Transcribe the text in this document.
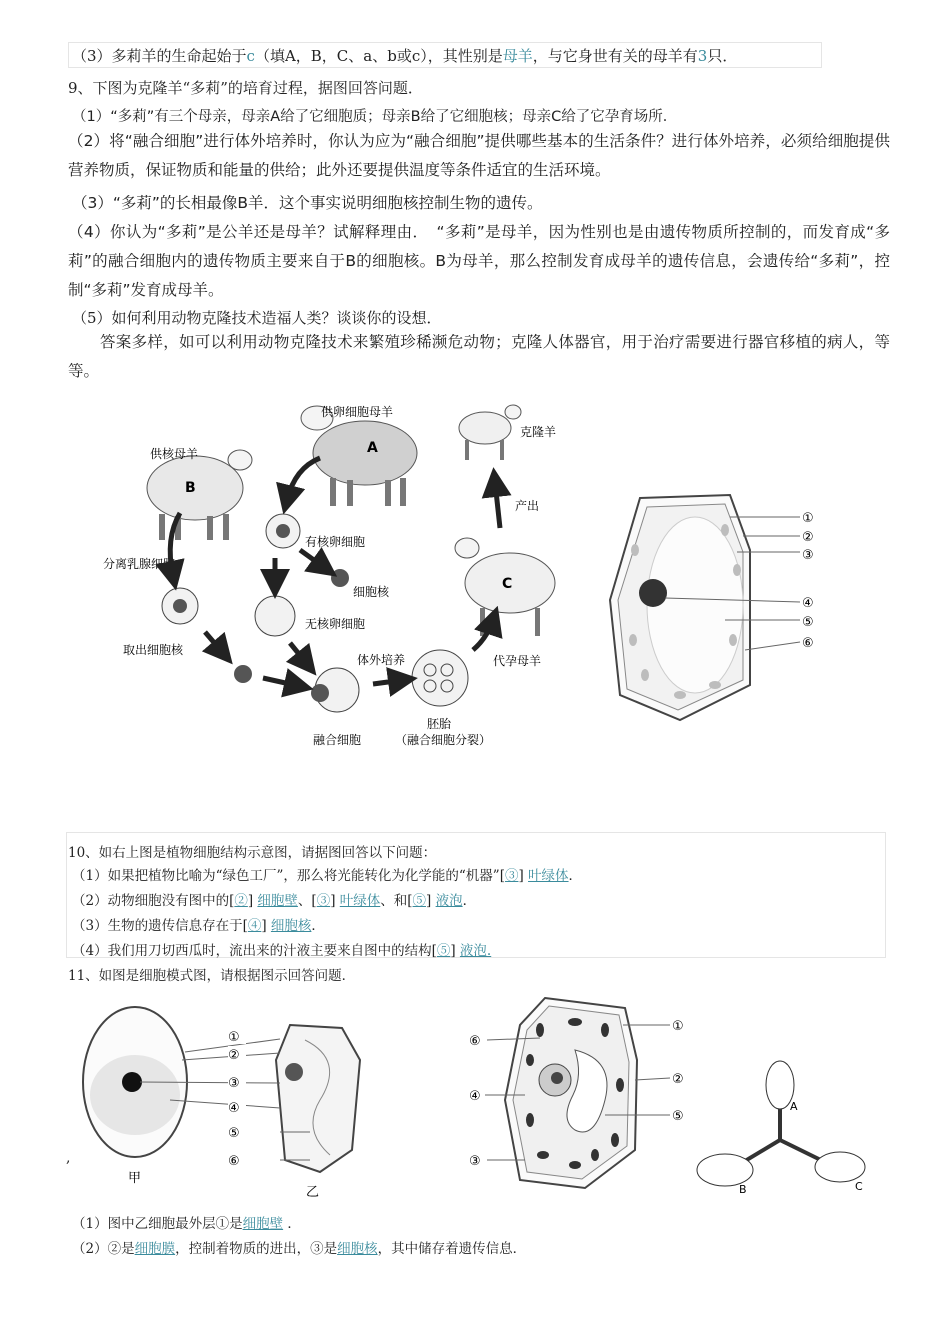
（3）多莉羊的生命起始于c（填A，B，C、a、b或c），其性别是母羊，与它身世有关的母羊有3只．
9、下图为克隆羊“多莉”的培育过程，据图回答问题．
（1）“多莉”有三个母亲，母亲A给了它细胞质；母亲B给了它细胞核；母亲C给了它孕育场所．
（2）将“融合细胞”进行体外培养时，你认为应为“融合细胞”提供哪些基本的生活条件？进行体外培养，必须给细胞提供营养物质，保证物质和能量的供给；此外还要提供温度等条件适宜的生活环境。
（3）“多莉”的长相最像B羊．这个事实说明细胞核控制生物的遗传。
（4）你认为“多莉”是公羊还是母羊？试解释理由．　“多莉”是母羊，因为性别也是由遗传物质所控制的，而发育成“多莉”的融合细胞内的遗传物质主要来自于B的细胞核。B为母羊，那么控制发育成母羊的遗传信息，会遗传给“多莉”，控制“多莉”发育成母羊。
（5）如何利用动物克隆技术造福人类？谈谈你的设想．
答案多样，如可以利用动物克隆技术来繁殖珍稀濒危动物；克隆人体器官，用于治疗需要进行器官移植的病人，等等。
供卵细胞母羊
A
克隆羊
供核母羊
B
分离乳腺细胞
有核卵细胞
细胞核
无核卵细胞
取出细胞核
融合细胞
体外培养
胚胎
（融合细胞分裂）
C
代孕母羊
产出
①
②
③
④
⑤
⑥
10、如右上图是植物细胞结构示意图，请据图回答以下问题：
（1）如果把植物比喻为“绿色工厂”，那么将光能转化为化学能的“机器”[③] 叶绿体．
（2）动物细胞没有图中的[②] 细胞壁、[③] 叶绿体、和[⑤] 液泡．
（3）生物的遗传信息存在于[④] 细胞核．
（4）我们用刀切西瓜时，流出来的汁液主要来自图中的结构[⑤] 液泡.
11、如图是细胞模式图，请根据图示回答问题．
,
①
②
③
④
⑤
⑥
甲
乙
①
②
③
④
⑤
⑥
A
B	C
（1）图中乙细胞最外层①是细胞壁 ．
（2）②是细胞膜，控制着物质的进出，③是细胞核，其中储存着遗传信息．
